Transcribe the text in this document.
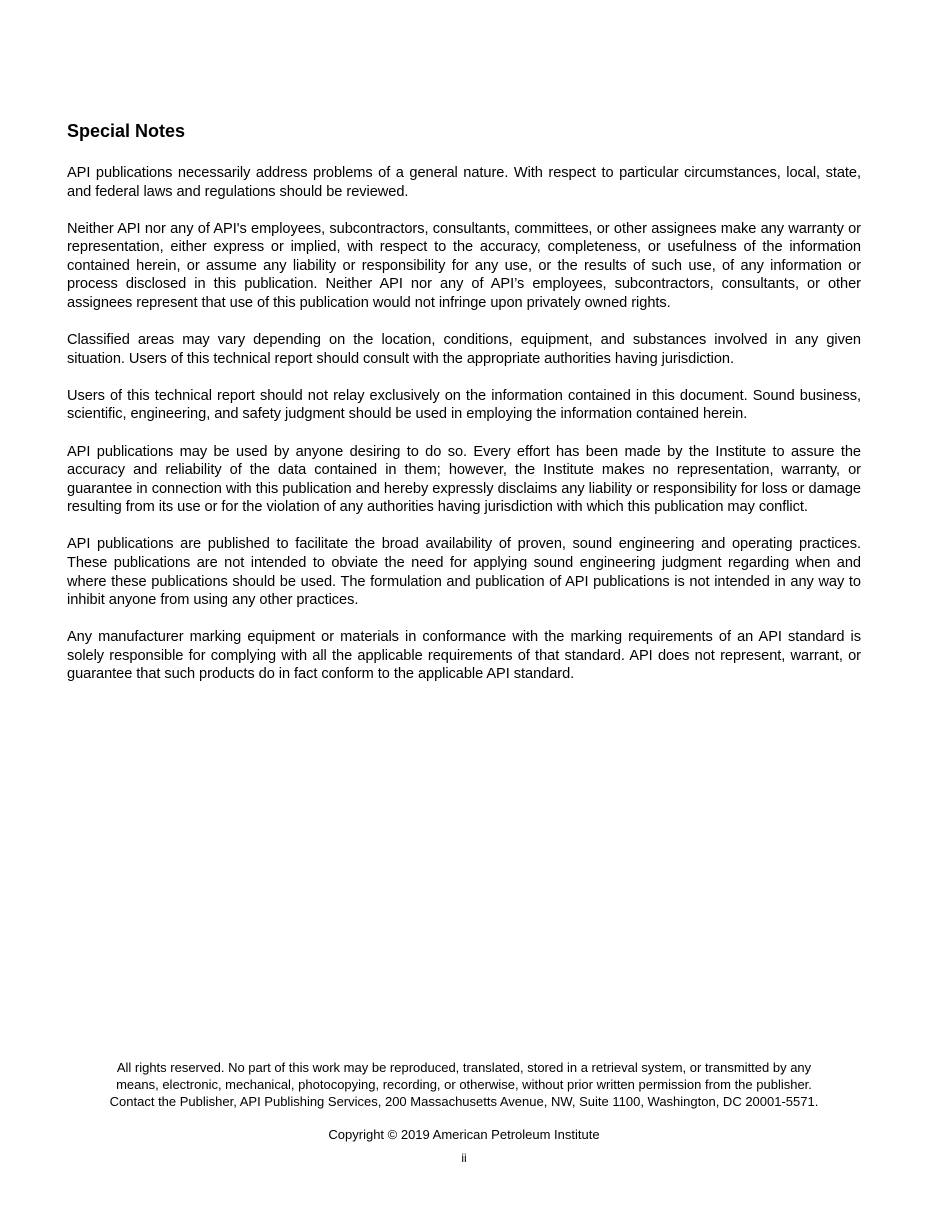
Special Notes

API publications necessarily address problems of a general nature. With respect to particular circumstances, local, state, and federal laws and regulations should be reviewed.

Neither API nor any of API's employees, subcontractors, consultants, committees, or other assignees make any warranty or representation, either express or implied, with respect to the accuracy, completeness, or usefulness of the information contained herein, or assume any liability or responsibility for any use, or the results of such use, of any information or process disclosed in this publication. Neither API nor any of API’s employees, subcontractors, consultants, or other assignees represent that use of this publication would not infringe upon privately owned rights.

Classified areas may vary depending on the location, conditions, equipment, and substances involved in any given situation. Users of this technical report should consult with the appropriate authorities having jurisdiction.

Users of this technical report should not relay exclusively on the information contained in this document. Sound business, scientific, engineering, and safety judgment should be used in employing the information contained herein.

API publications may be used by anyone desiring to do so. Every effort has been made by the Institute to assure the accuracy and reliability of the data contained in them; however, the Institute makes no representation, warranty, or guarantee in connection with this publication and hereby expressly disclaims any liability or responsibility for loss or damage resulting from its use or for the violation of any authorities having jurisdiction with which this publication may conflict.

API publications are published to facilitate the broad availability of proven, sound engineering and operating practices. These publications are not intended to obviate the need for applying sound engineering judgment regarding when and where these publications should be used. The formulation and publication of API publications is not intended in any way to inhibit anyone from using any other practices.

Any manufacturer marking equipment or materials in conformance with the marking requirements of an API standard is solely responsible for complying with all the applicable requirements of that standard. API does not represent, warrant, or guarantee that such products do in fact conform to the applicable API standard.

All rights reserved. No part of this work may be reproduced, translated, stored in a retrieval system, or transmitted by any
means, electronic, mechanical, photocopying, recording, or otherwise, without prior written permission from the publisher.
Contact the Publisher, API Publishing Services, 200 Massachusetts Avenue, NW, Suite 1100, Washington, DC 20001-5571.

Copyright © 2019 American Petroleum Institute

ii
